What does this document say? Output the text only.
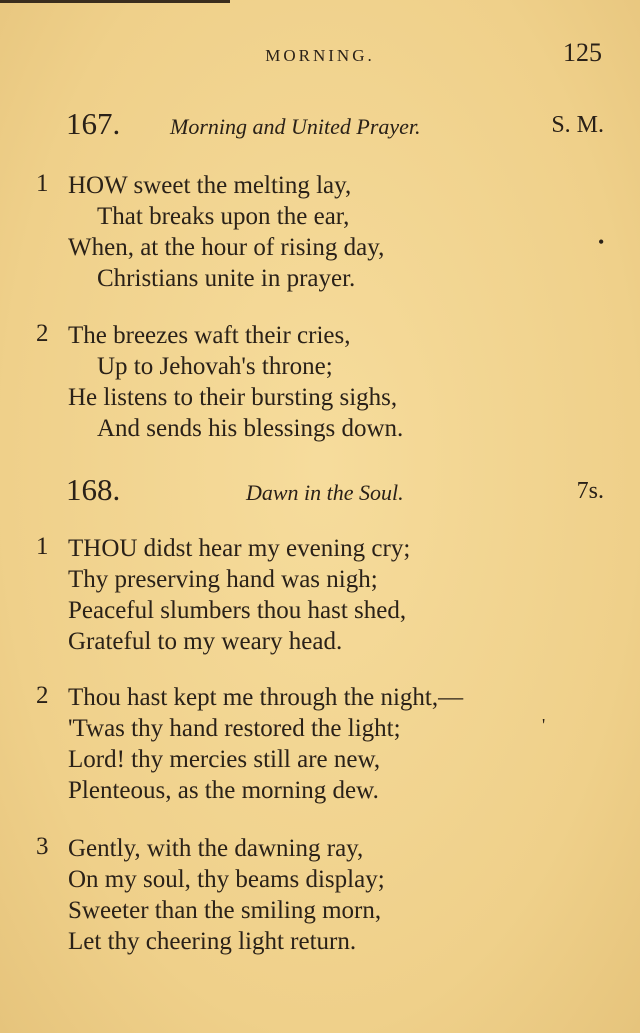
MORNING.	125
167. Morning and United Prayer.	S. M.
1 HOW sweet the melting lay,
That breaks upon the ear,
When, at the hour of rising day,
Christians unite in prayer.
2 The breezes waft their cries,
Up to Jehovah's throne;
He listens to their bursting sighs,
And sends his blessings down.
168.	Dawn in the Soul.	7s.
1 THOU didst hear my evening cry;
Thy preserving hand was nigh;
Peaceful slumbers thou hast shed,
Grateful to my weary head.
2 Thou hast kept me through the night,—
'Twas thy hand restored the light;
Lord! thy mercies still are new,
Plenteous, as the morning dew.
3 Gently, with the dawning ray,
On my soul, thy beams display;
Sweeter than the smiling morn,
Let thy cheering light return.
•
'
